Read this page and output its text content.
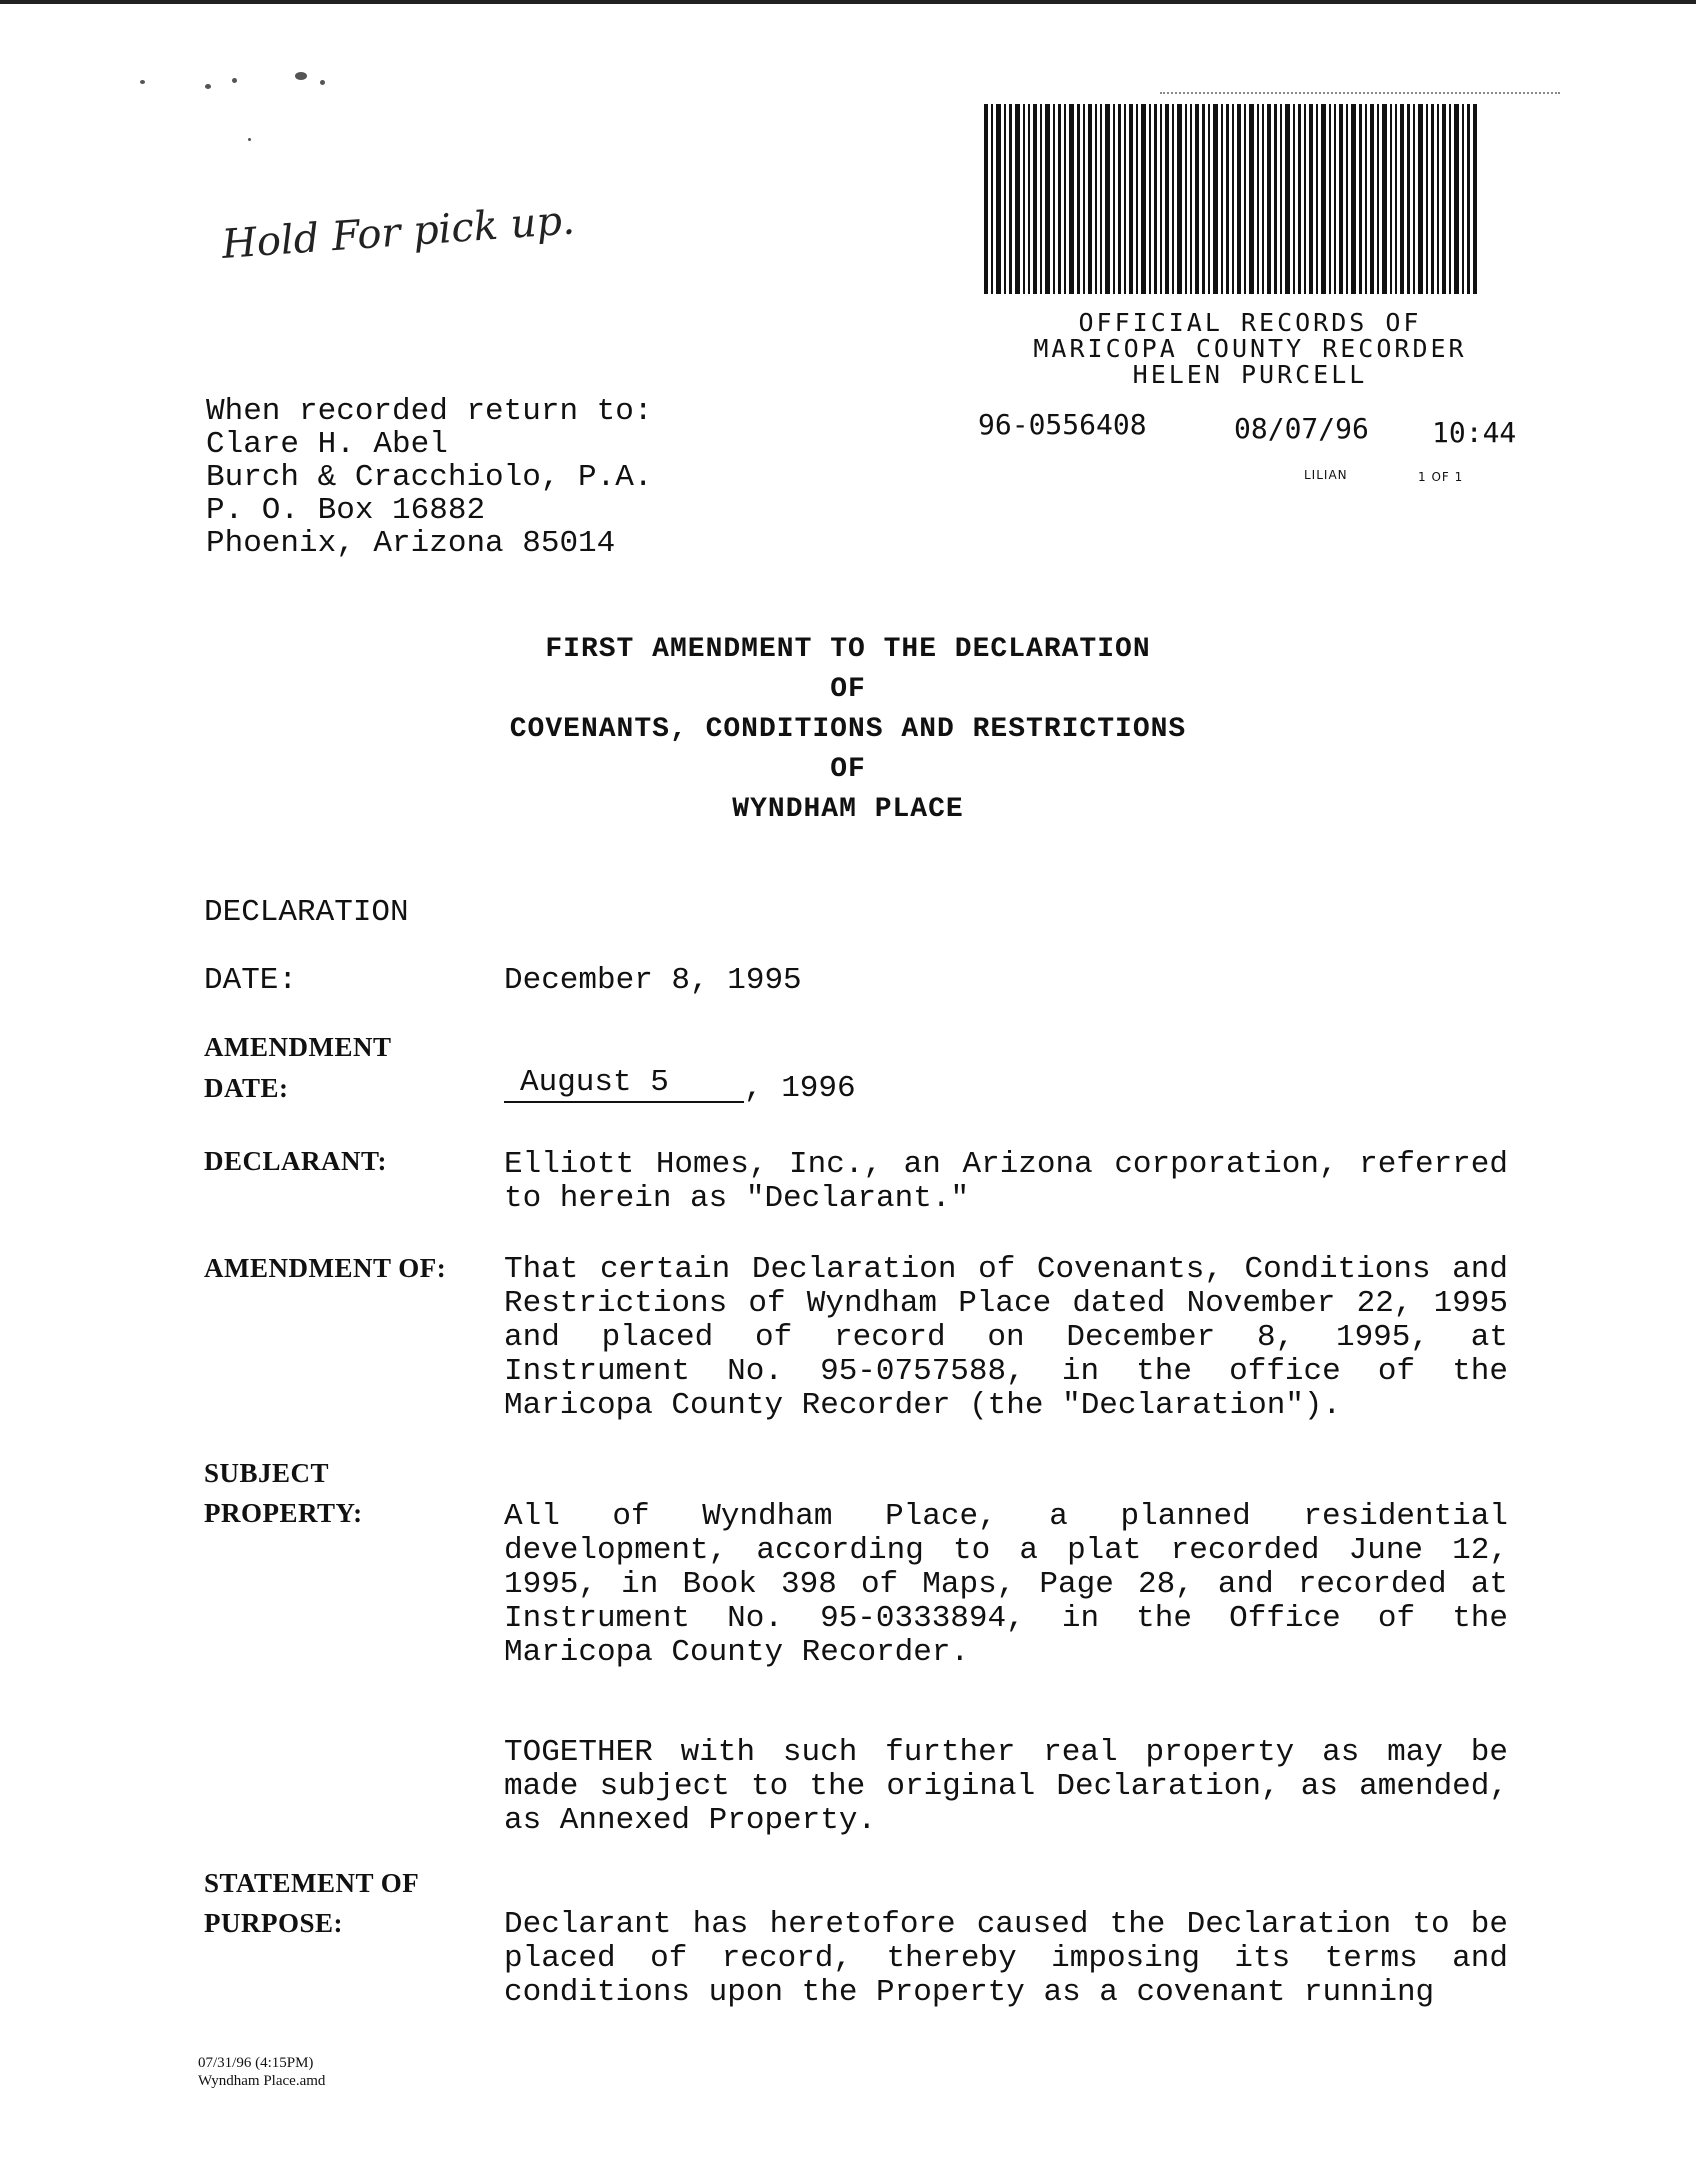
Hold For pick up.
OFFICIAL RECORDS OF
MARICOPA COUNTY RECORDER
HELEN PURCELL
96-0556408	08/07/96 10:44
LILIAN	1 OF 1
When recorded return to:
Clare H. Abel
Burch & Cracchiolo, P.A.
P. O. Box 16882
Phoenix, Arizona 85014
FIRST AMENDMENT TO THE DECLARATION
OF
COVENANTS, CONDITIONS AND RESTRICTIONS
OF
WYNDHAM PLACE
DECLARATION
DATE:	December 8, 1995
AMENDMENT
DATE:	August 5 , 1996
DECLARANT:	Elliott Homes, Inc., an Arizona corporation, referred to herein as "Declarant."
AMENDMENT OF: That certain Declaration of Covenants, Conditions and Restrictions of Wyndham Place dated November 22, 1995 and placed of record on December 8, 1995, at Instrument No. 95-0757588, in the office of the Maricopa County Recorder (the "Declaration").
SUBJECT
PROPERTY:	All of Wyndham Place, a planned residential development, according to a plat recorded June 12, 1995, in Book 398 of Maps, Page 28, and recorded at Instrument No. 95-0333894, in the Office of the Maricopa County Recorder.
TOGETHER with such further real property as may be made subject to the original Declaration, as amended, as Annexed Property.
STATEMENT OF
PURPOSE:	Declarant has heretofore caused the Declaration to be placed of record, thereby imposing its terms and conditions upon the Property as a covenant running
07/31/96 (4:15PM)
Wyndham Place.amd
